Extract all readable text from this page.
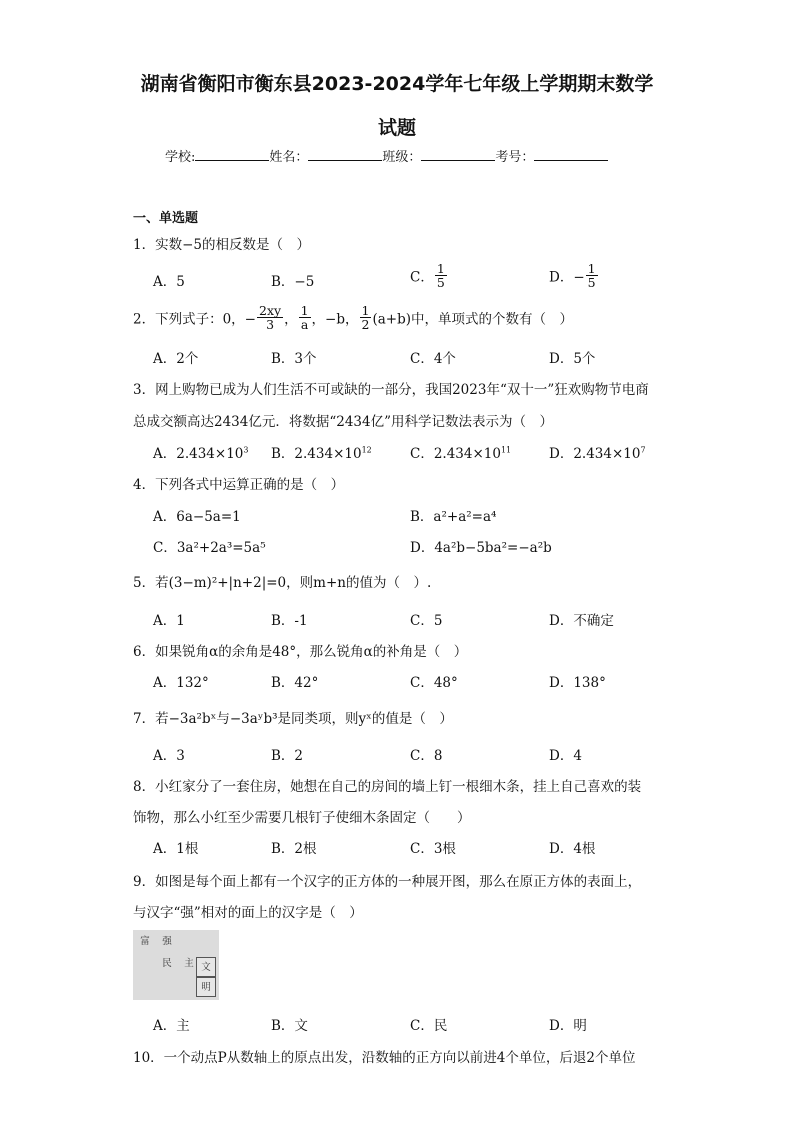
湖南省衡阳市衡东县2023-2024学年七年级上学期期末数学
试题
学校:	姓名：	班级：	考号：
一、单选题
1．实数−5的相反数是（　）
A．5	B．−5	C． $\frac{1}{5}$	D．− $\frac{1}{5}$
2．下列式子：0，− $\frac{2xy}{3}$ ， $\frac{1}{a}$ ，−b， $\frac{1}{2} (a+b)$中，单项式的个数有（　）
A．2个	B．3个	C．4个	D．5个
3．网上购物已成为人们生活不可或缺的一部分，我国2023年“双十一”狂欢购物节电商
总成交额高达2434亿元．将数据“2434亿”用科学记数法表示为（　）
A．$2.434\times 10^3$ B．$2.434\times 10^{12}$	C．$2.434\times 10^{11}$	D．$2.434\times 10^7$
4．下列各式中运算正确的是（　）
A．6a−5a=1	B．a²+a²=a⁴
C．3a²+2a³=5a⁵	D．4a²b−5ba²=−a²b
5．若(3−m)²+|n+2|=0，则m+n的值为（　）.
A．1	B．-1	C．5	D．不确定
6．如果锐角α的余角是48°，那么锐角α的补角是（　）
A．132°	B．42°	C．48°	D．138°
7．若−3a²bˣ与−3aʸb³是同类项，则yˣ的值是（　）
A．3	B．2	C．8	D．4
8．小红家分了一套住房，她想在自己的房间的墙上钉一根细木条，挂上自己喜欢的装
饰物，那么小红至少需要几根钉子使细木条固定（　　）
A．1根	B．2根	C．3根	D．4根
9．如图是每个面上都有一个汉字的正方体的一种展开图，那么在原正方体的表面上，
与汉字“强”相对的面上的汉字是（　）
富	强
民	主 文
明
A．主	B．文	C．民	D．明
10．一个动点P从数轴上的原点出发，沿数轴的正方向以前进4个单位，后退2个单位
